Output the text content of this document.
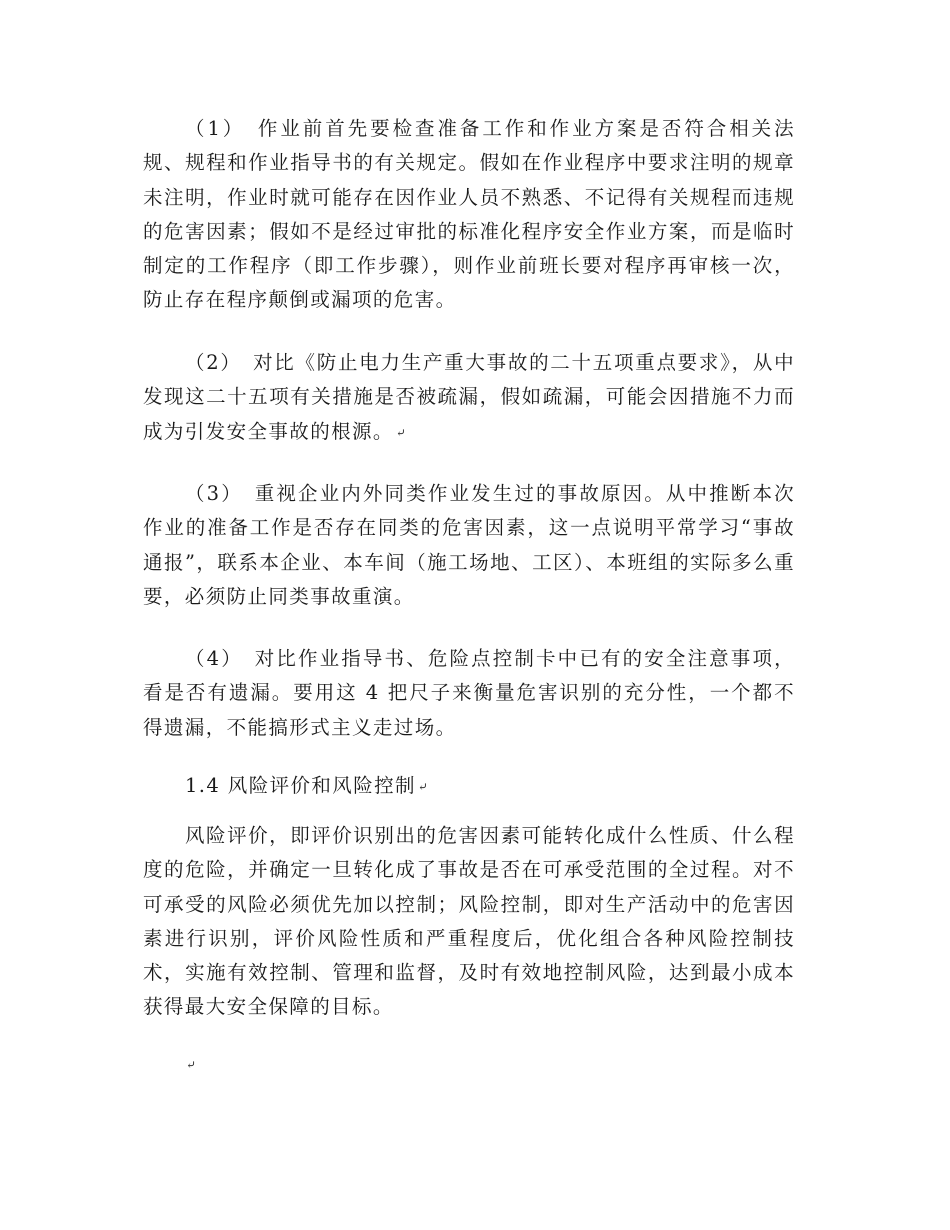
（1）　作业前首先要检查准备工作和作业方案是否符合相关法规、规程和作业指导书的有关规定。假如在作业程序中要求注明的规章未注明，作业时就可能存在因作业人员不熟悉、不记得有关规程而违规的危害因素；假如不是经过审批的标准化程序安全作业方案，而是临时制定的工作程序（即工作步骤），则作业前班长要对程序再审核一次，防止存在程序颠倒或漏项的危害。

（2）　对比《防止电力生产重大事故的二十五项重点要求》，从中发现这二十五项有关措施是否被疏漏，假如疏漏，可能会因措施不力而成为引发安全事故的根源。 ⤶

（3）　重视企业内外同类作业发生过的事故原因。从中推断本次作业的准备工作是否存在同类的危害因素，这一点说明平常学习“事故通报”，联系本企业、本车间（施工场地、工区）、本班组的实际多么重要，必须防止同类事故重演。

（4）　对比作业指导书、危险点控制卡中已有的安全注意事项，看是否有遗漏。要用这 4 把尺子来衡量危害识别的充分性，一个都不得遗漏，不能搞形式主义走过场。

1.4 风险评价和风险控制 ⤶

风险评价，即评价识别出的危害因素可能转化成什么性质、什么程度的危险，并确定一旦转化成了事故是否在可承受范围的全过程。对不可承受的风险必须优先加以控制；风险控制，即对生产活动中的危害因素进行识别，评价风险性质和严重程度后，优化组合各种风险控制技术，实施有效控制、管理和监督，及时有效地控制风险，达到最小成本获得最大安全保障的目标。

⤶
